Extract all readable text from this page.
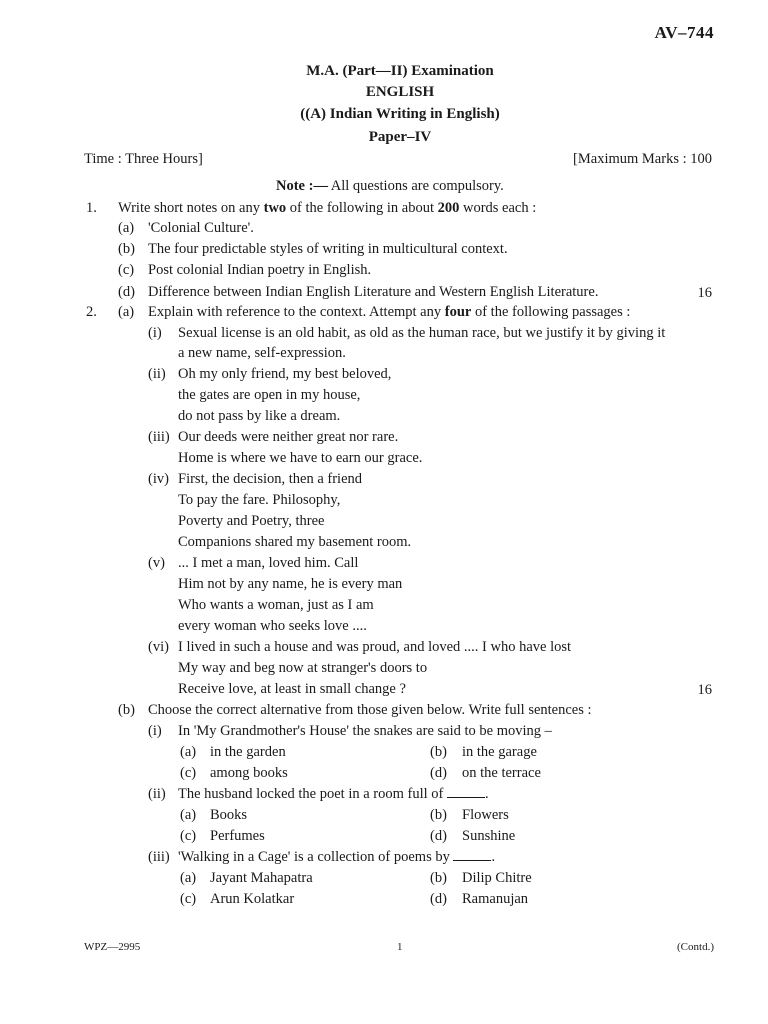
AV–744
M.A. (Part—II) Examination
ENGLISH
((A) Indian Writing in English)
Paper–IV
Time : Three Hours]	[Maximum Marks : 100
Note :— All questions are compulsory.
1. Write short notes on any two of the following in about 200 words each :
(a) 'Colonial Culture'.
(b) The four predictable styles of writing in multicultural context.
(c) Post colonial Indian poetry in English.
(d) Difference between Indian English Literature and Western English Literature.	16
2. (a) Explain with reference to the context. Attempt any four of the following passages :
(i) Sexual license is an old habit, as old as the human race, but we justify it by giving it
a new name, self-expression.
(ii) Oh my only friend, my best beloved,
the gates are open in my house,
do not pass by like a dream.
(iii) Our deeds were neither great nor rare.
Home is where we have to earn our grace.
(iv) First, the decision, then a friend
To pay the fare. Philosophy,
Poverty and Poetry, three
Companions shared my basement room.
(v) ... I met a man, loved him. Call
Him not by any name, he is every man
Who wants a woman, just as I am
every woman who seeks love ....
(vi) I lived in such a house and was proud, and loved .... I who have lost
My way and beg now at stranger's doors to
Receive love, at least in small change ?	16
(b) Choose the correct alternative from those given below. Write full sentences :
(i) In 'My Grandmother's House' the snakes are said to be moving –
(a) in the garden	(b) in the garage
(c) among books	(d) on the terrace
(ii) The husband locked the poet in a room full of	.
(a) Books	(b) Flowers
(c) Perfumes	(d) Sunshine
(iii) 'Walking in a Cage' is a collection of poems by	.
(a) Jayant Mahapatra	(b) Dilip Chitre
(c) Arun Kolatkar	(d) Ramanujan
WPZ—2995	1	(Contd.)
